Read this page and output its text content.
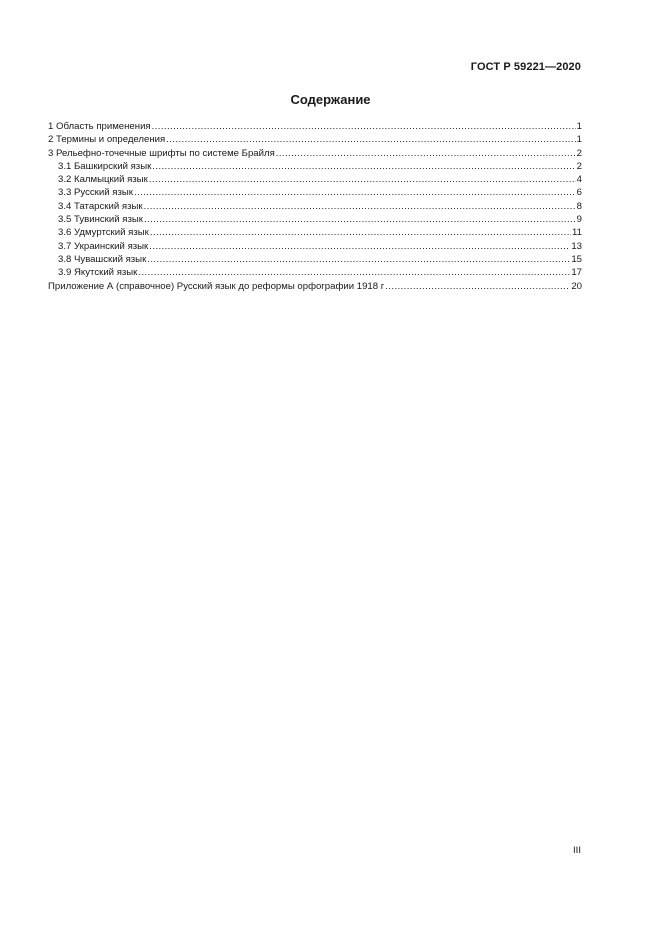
ГОСТ Р 59221—2020
Содержание
1 Область применения .....	1
2 Термины и определения .....	1
3 Рельефно-точечные шрифты по системе Брайля .....	2
3.1 Башкирский язык .....	2
3.2 Калмыцкий язык .....	4
3.3 Русский язык .....	6
3.4 Татарский язык .....	8
3.5 Тувинский язык .....	9
3.6 Удмуртский язык .....	11
3.7 Украинский язык .....	13
3.8 Чувашский язык .....	15
3.9 Якутский язык .....	17
Приложение А (справочное) Русский язык до реформы орфографии 1918 г .....	20
III
